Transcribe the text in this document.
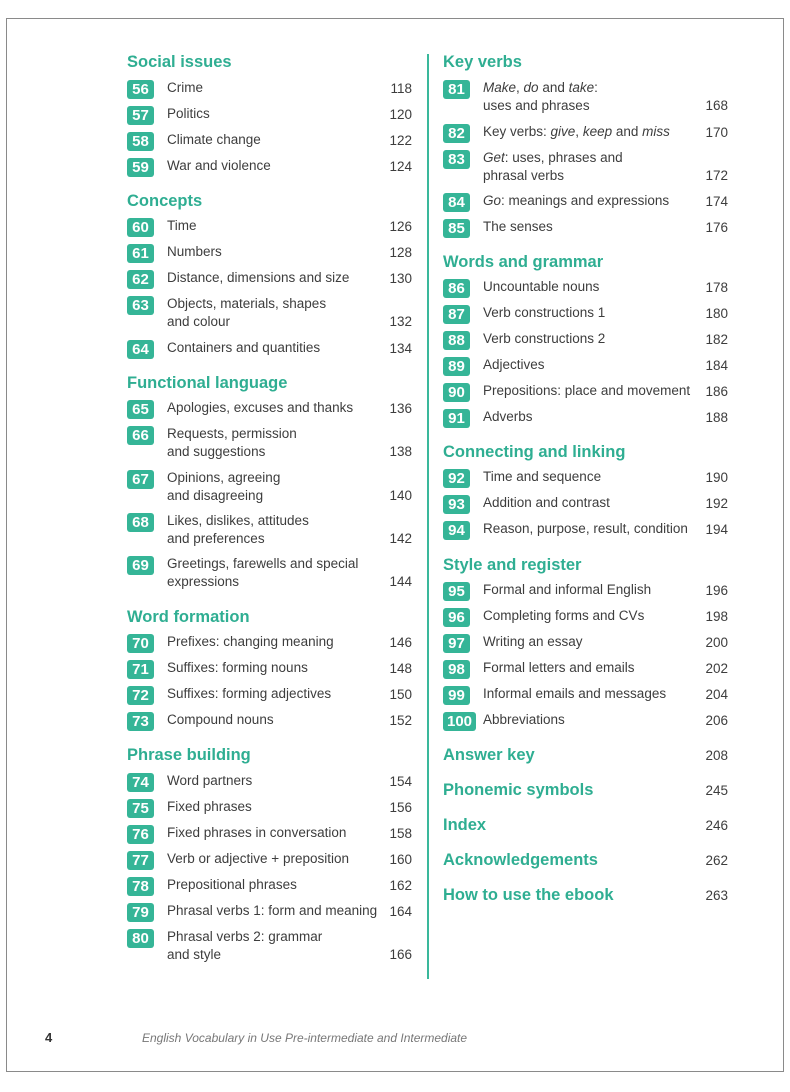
Social issues
56	Crime	118
57	Politics	120
58	Climate change	122
59	War and violence	124
Concepts
60	Time	126
61	Numbers	128
62	Distance, dimensions and size	130
63	Objects, materials, shapes
and colour	132
64	Containers and quantities	134
Functional language
65	Apologies, excuses and thanks	136
66	Requests, permission
and suggestions	138
67	Opinions, agreeing
and disagreeing	140
68	Likes, dislikes, attitudes
and preferences	142
69	Greetings, farewells and special
expressions	144
Word formation
70	Prefixes: changing meaning	146
71	Suffixes: forming nouns	148
72	Suffixes: forming adjectives	150
73	Compound nouns	152
Phrase building
74	Word partners	154
75	Fixed phrases	156
76	Fixed phrases in conversation	158
77	Verb or adjective + preposition	160
78	Prepositional phrases	162
79	Phrasal verbs 1: form and meaning 164
80	Phrasal verbs 2: grammar
and style	166
Key verbs
81	Make, do and take:
uses and phrases	168
82	Key verbs: give, keep and miss	170
83	Get: uses, phrases and
phrasal verbs	172
84	Go: meanings and expressions	174
85	The senses	176
Words and grammar
86	Uncountable nouns	178
87	Verb constructions 1	180
88	Verb constructions 2	182
89	Adjectives	184
90	Prepositions: place and movement 186
91	Adverbs	188
Connecting and linking
92	Time and sequence	190
93	Addition and contrast	192
94	Reason, purpose, result, condition 194
Style and register
95	Formal and informal English	196
96	Completing forms and CVs	198
97	Writing an essay	200
98	Formal letters and emails	202
99	Informal emails and messages	204
100 Abbreviations	206
Answer key	208
Phonemic symbols	245
Index	246
Acknowledgements	262
How to use the ebook	263
4	English Vocabulary in Use Pre-intermediate and Intermediate
